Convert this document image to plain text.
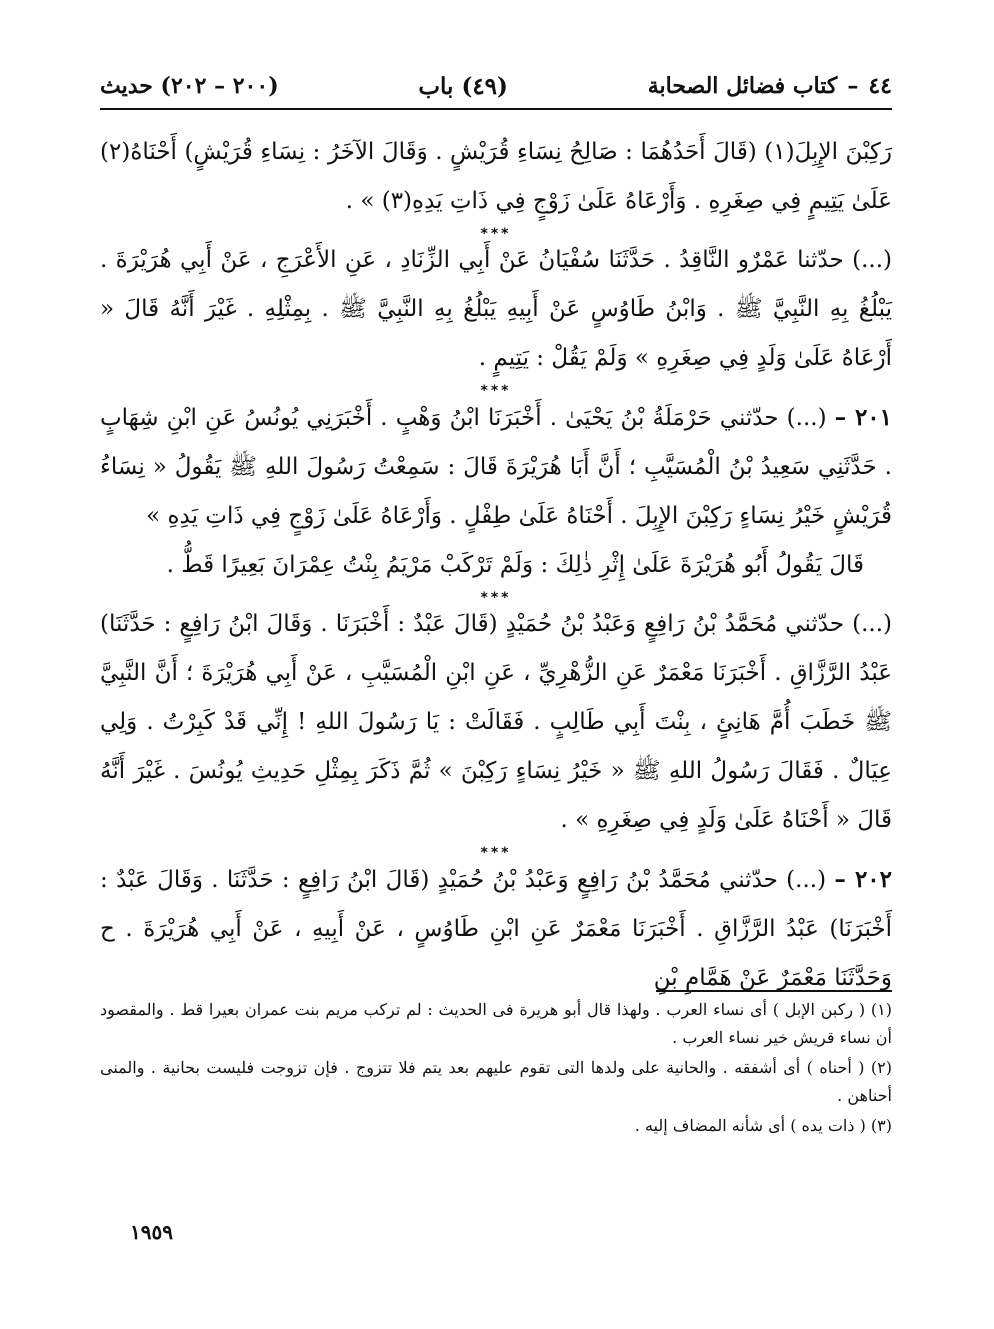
٤٤
–
كتاب فضائل الصحابة
(٤٩) باب
(٢٠٠ – ٢٠٢) حديث

رَكِبْنَ الإِبِلَ(١) (قَالَ أَحَدُهُمَا : صَالِحُ نِسَاءِ قُرَيْشٍ . وَقَالَ الآخَرُ : نِسَاءِ قُرَيْشٍ) أَحْنَاهُ(٢) عَلَىٰ يَتِيمٍ فِي صِغَرِهِ . وَأَرْعَاهُ عَلَىٰ زَوْجٍ فِي ذَاتِ يَدِهِ(٣) » .

***

(...) حدّثنا عَمْرٌو النَّاقِدُ . حَدَّثَنَا سُفْيَانُ عَنْ أَبِي الزِّنَادِ ، عَنِ الأَعْرَجِ ، عَنْ أَبِي هُرَيْرَةَ . يَبْلُغُ بِهِ النَّبِيَّ ﷺ . وَابْنُ طَاوُسٍ عَنْ أَبِيهِ يَبْلُغُ بِهِ النَّبِيَّ ﷺ . بِمِثْلِهِ . غَيْرَ أَنَّهُ قَالَ « أَرْعَاهُ عَلَىٰ وَلَدٍ فِي صِغَرِهِ » وَلَمْ يَقُلْ : يَتِيمٍ .

***

٢٠١ – (...) حدّثني حَرْمَلَةُ بْنُ يَحْيَىٰ . أَخْبَرَنَا ابْنُ وَهْبٍ . أَخْبَرَنِي يُونُسُ عَنِ ابْنِ شِهَابٍ . حَدَّثَنِي سَعِيدُ بْنُ الْمُسَيَّبِ ؛ أَنَّ أَبَا هُرَيْرَةَ قَالَ : سَمِعْتُ رَسُولَ اللهِ ﷺ يَقُولُ « نِسَاءُ قُرَيْشٍ خَيْرُ نِسَاءٍ رَكِبْنَ الإِبِلَ . أَحْنَاهُ عَلَىٰ طِفْلٍ . وَأَرْعَاهُ عَلَىٰ زَوْجٍ فِي ذَاتِ يَدِهِ »

قَالَ يَقُولُ أَبُو هُرَيْرَةَ عَلَىٰ إِثْرِ ذٰلِكَ : وَلَمْ تَرْكَبْ مَرْيَمُ بِنْتُ عِمْرَانَ بَعِيرًا قَطُّ .

***

(...) حدّثني مُحَمَّدُ بْنُ رَافِعٍ وَعَبْدُ بْنُ حُمَيْدٍ (قَالَ عَبْدٌ : أَخْبَرَنَا . وَقَالَ ابْنُ رَافِعٍ : حَدَّثَنَا) عَبْدُ الرَّزَّاقِ . أَخْبَرَنَا مَعْمَرٌ عَنِ الزُّهْرِيِّ ، عَنِ ابْنِ الْمُسَيَّبِ ، عَنْ أَبِي هُرَيْرَةَ ؛ أَنَّ النَّبِيَّ ﷺ خَطَبَ أُمَّ هَانِئٍ ، بِنْتَ أَبِي طَالِبٍ . فَقَالَتْ : يَا رَسُولَ اللهِ ! إِنِّي قَدْ كَبِرْتُ . وَلِي عِيَالٌ . فَقَالَ رَسُولُ اللهِ ﷺ « خَيْرُ نِسَاءٍ رَكِبْنَ » ثُمَّ ذَكَرَ بِمِثْلِ حَدِيثِ يُونُسَ . غَيْرَ أَنَّهُ قَالَ « أَحْنَاهُ عَلَىٰ وَلَدٍ فِي صِغَرِهِ » .

***

٢٠٢ – (...) حدّثني مُحَمَّدُ بْنُ رَافِعٍ وَعَبْدُ بْنُ حُمَيْدٍ (قَالَ ابْنُ رَافِعٍ : حَدَّثَنَا . وَقَالَ عَبْدٌ : أَخْبَرَنَا) عَبْدُ الرَّزَّاقِ . أَخْبَرَنَا مَعْمَرٌ عَنِ ابْنِ طَاوُسٍ ، عَنْ أَبِيهِ ، عَنْ أَبِي هُرَيْرَةَ . ح وَحَدَّثَنَا مَعْمَرٌ عَنْ هَمَّامِ بْنِ

(١) ( ركبن الإبل ) أى نساء العرب . ولهذا قال أبو هريرة فى الحديث : لم تركب مريم بنت عمران بعيرا قط . والمقصود أن نساء قريش خير نساء العرب .

(٢) ( أحناه ) أى أشفقه . والحانية على ولدها التى تقوم عليهم بعد يتم فلا تتزوج . فإن تزوجت فليست بحانية . والمنى أحناهن .

(٣) ( ذات يده ) أى شأنه المضاف إليه .

١٩٥٩
